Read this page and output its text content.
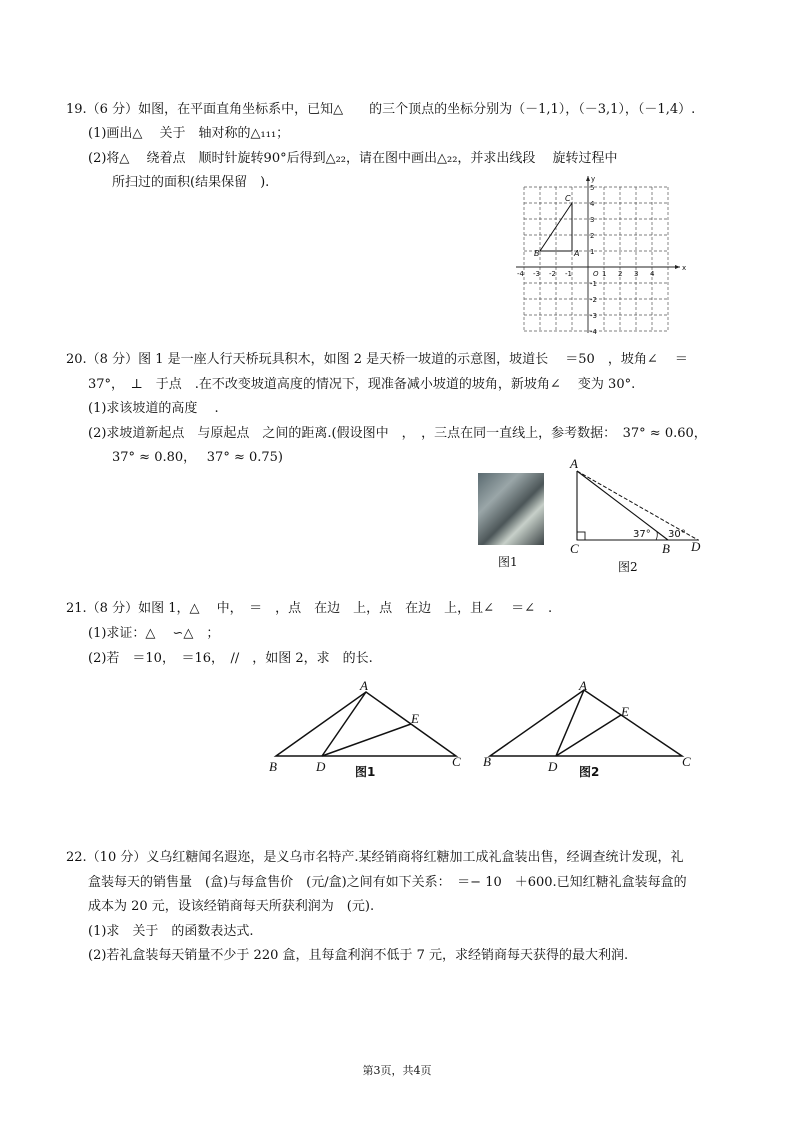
19.（6 分）如图，在平面直角坐标系中，已知△　　的三个顶点的坐标分别为（－1,1），（－3,1），（－1,4）.
(1)画出△　 关于　轴对称的△₁₁₁；
(2)将△　 绕着点　顺时针旋转90°后得到△₂₂，请在图中画出△₂₂，并求出线段　 旋转过程中
所扫过的面积(结果保留　).
x
y
O
-4 -3 -2 -1	1 2 3 4
5
4
3
2
1
-1
-2
-3
-4
A
B
C
20.（8 分）图 1 是一座人行天桥玩具积木，如图 2 是天桥一坡道的示意图，坡道长　 ＝50　，坡角∠　 ＝
37°，　⊥　于点　.在不改变坡道高度的情况下，现准备减小坡道的坡角，新坡角∠　 变为 30°.
(1)求该坡道的高度　 .
(2)求坡道新起点　与原起点　之间的距离.(假设图中　，　，三点在同一直线上，参考数据：　37° ≈ 0.60，
37° ≈ 0.80，　 37° ≈ 0.75)
图1
A
C	B D
37° 30°
图2
21.（8 分）如图 1，△　 中，　＝　，点　在边　上，点　在边　上，且∠　 ＝∠　.
(1)求证：△　 ∽△　；
(2)若　＝10，　＝16，　//　，如图 2，求　的长.
A
B	D
E
C
图1
A
B	D
E
C
图2
22.（10 分）义乌红糖闻名遐迩，是义乌市名特产.某经销商将红糖加工成礼盒装出售，经调查统计发现，礼
盒装每天的销售量　(盒)与每盒售价　(元/盒)之间有如下关系：　＝− 10　＋600.已知红糖礼盒装每盒的
成本为 20 元，设该经销商每天所获利润为　(元).
(1)求　关于　的函数表达式.
(2)若礼盒装每天销量不少于 220 盒，且每盒利润不低于 7 元，求经销商每天获得的最大利润.
第3页，共4页
